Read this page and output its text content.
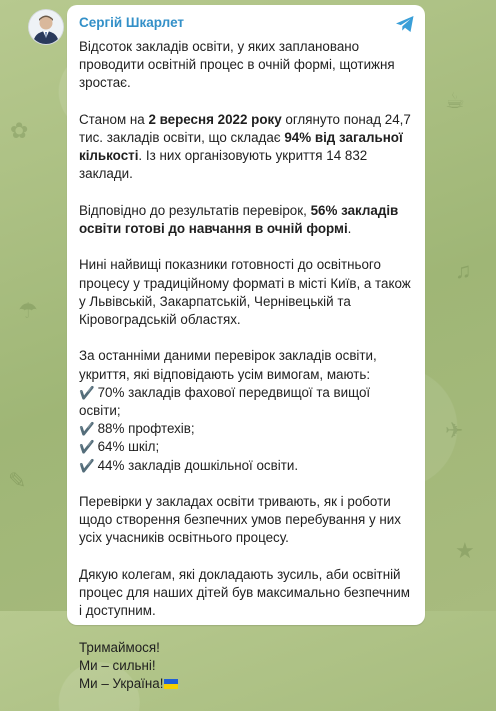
✿
☂
✎
☕
♫
✈
★
Сергій Шкарлет

Відсоток закладів освіти, у яких заплановано проводити освітній процес в очній формі, щотижня зростає.

Станом на 2 вересня 2022 року оглянуто понад 24,7 тис. закладів освіти, що складає 94% від загальної кількості. Із них організовують укриття 14 832 заклади.

Відповідно до результатів перевірок, 56% закладів освіти готові до навчання в очній формі.

Нині найвищі показники готовності до освітнього процесу у традиційному форматі в місті Київ, а також у Львівській, Закарпатській, Чернівецькій та Кіровоградській областях.

За останніми даними перевірок закладів освіти,
укриття, які відповідають усім вимогам, мають:
✔️ 70% закладів фахової передвищої та вищої освіти;
✔️ 88% профтехів;
✔️ 64% шкіл;
✔️ 44% закладів дошкільної освіти.

Перевірки у закладах освіти тривають, як і роботи щодо створення безпечних умов перебування у них усіх учасників освітнього процесу.

Дякую колегам, які докладають зусиль, аби освітній процес для наших дітей був максимально безпечним і доступним.

Тримаймося!
Ми – сильні!
Ми – Україна!
